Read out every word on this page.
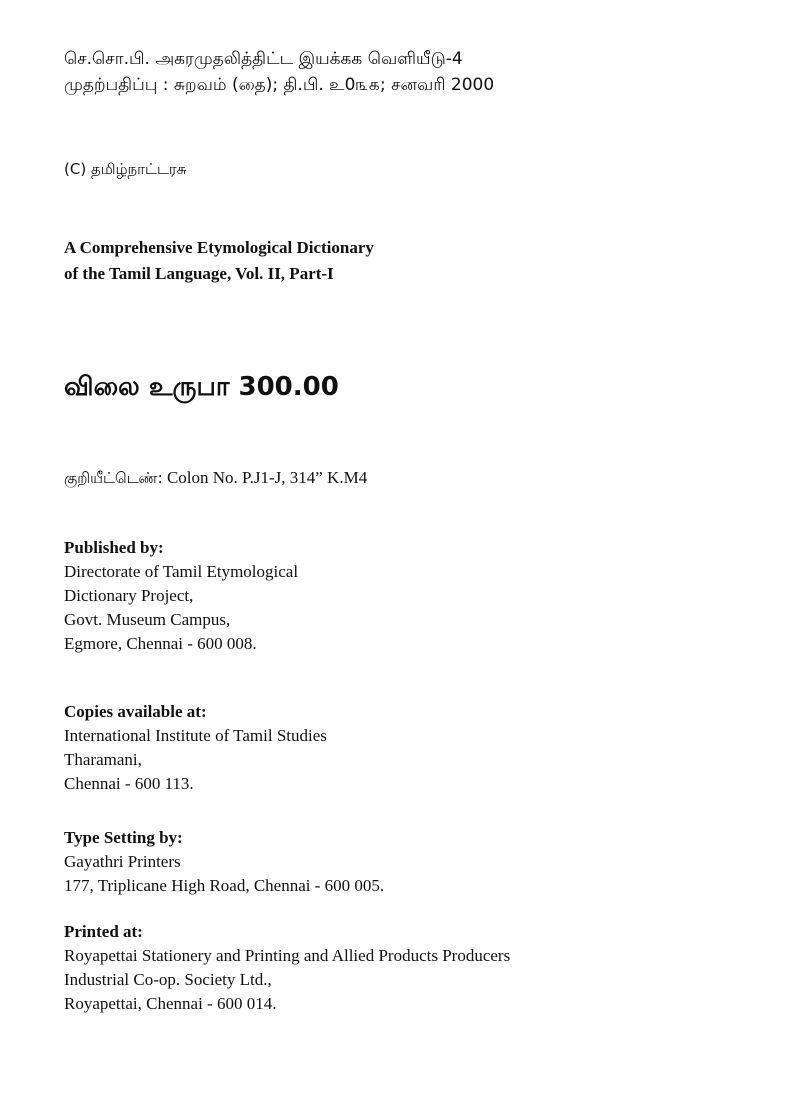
செ.சொ.பி. அகரமுதலித்திட்ட இயக்கக வெளியீடு-4
முதற்பதிப்பு : சுறவம் (தை); தி.பி. உ0௩௧; சனவரி 2000
(C) தமிழ்நாட்டரசு
A Comprehensive Etymological Dictionary
of the Tamil Language, Vol. II, Part-I
விலை உருபா 300.00
குறியீட்டெண்: Colon No. P.J1-J, 314” K.M4
Published by:
Directorate of Tamil Etymological
Dictionary Project,
Govt. Museum Campus,
Egmore, Chennai - 600 008.
Copies available at:
International Institute of Tamil Studies
Tharamani,
Chennai - 600 113.
Type Setting by:
Gayathri Printers
177, Triplicane High Road, Chennai - 600 005.
Printed at:
Royapettai Stationery and Printing and Allied Products Producers
Industrial Co-op. Society Ltd.,
Royapettai, Chennai - 600 014.
